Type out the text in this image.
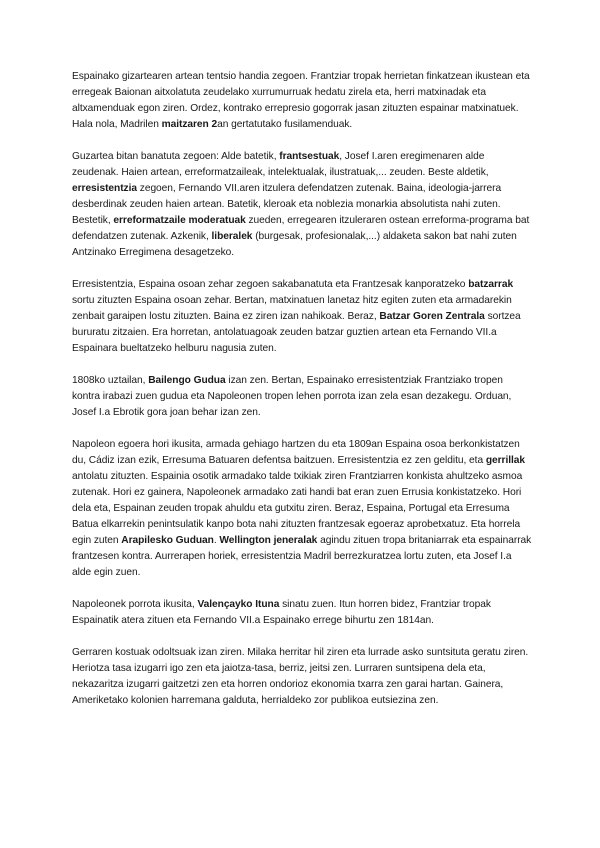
Espainako gizartearen artean tentsio handia zegoen. Frantziar tropak herrietan finkatzean ikustean eta erregeak Baionan aitxolatuta zeudelako xurrumurruak hedatu zirela eta, herri matxinadak eta altxamenduak egon ziren. Ordez, kontrako errepresio gogorrak jasan zituzten espainar matxinatuek. Hala nola, Madrilen maitzaren 2an gertatutako fusilamenduak.

Guzartea bitan banatuta zegoen: Alde batetik, frantsestuak, Josef I.aren eregimenaren alde zeudenak. Haien artean, erreformatzaileak, intelektualak, ilustratuak,... zeuden. Beste aldetik, erresistentzia zegoen, Fernando VII.aren itzulera defendatzen zutenak. Baina, ideologia-jarrera desberdinak zeuden haien artean. Batetik, kleroak eta noblezia monarkia absolutista nahi zuten. Bestetik, erreformatzaile moderatuak zueden, erregearen itzuleraren ostean erreforma-programa bat defendatzen zutenak. Azkenik, liberalek (burgesak, profesionalak,...) aldaketa sakon bat nahi zuten Antzinako Erregimena desagetzeko.

Erresistentzia, Espaina osoan zehar zegoen sakabanatuta eta Frantzesak kanporatzeko batzarrak sortu zituzten Espaina osoan zehar. Bertan, matxinatuen lanetaz hitz egiten zuten eta armadarekin zenbait garaipen lostu zituzten. Baina ez ziren izan nahikoak. Beraz, Batzar Goren Zentrala sortzea bururatu zitzaien. Era horretan, antolatuagoak zeuden batzar guztien artean eta Fernando VII.a Espainara bueltatzeko helburu nagusia zuten.

1808ko uztailan, Bailengo Gudua izan zen. Bertan, Espainako erresistentziak Frantziako tropen kontra irabazi zuen gudua eta Napoleonen tropen lehen porrota izan zela esan dezakegu. Orduan, Josef I.a Ebrotik gora joan behar izan zen.

Napoleon egoera hori ikusita, armada gehiago hartzen du eta 1809an Espaina osoa berkonkistatzen du, Cádiz izan ezik, Erresuma Batuaren defentsa baitzuen. Erresistentzia ez zen gelditu, eta gerrillak antolatu zituzten. Espainia osotik armadako talde txikiak ziren Frantziarren konkista ahultzeko asmoa zutenak. Hori ez gainera, Napoleonek armadako zati handi bat eran zuen Errusia konkistatzeko. Hori dela eta, Espainan zeuden tropak ahuldu eta gutxitu ziren. Beraz, Espaina, Portugal eta Erresuma Batua elkarrekin penintsulatik kanpo bota nahi zituzten frantzesak egoeraz aprobetxatuz. Eta horrela egin zuten Arapilesko Guduan. Wellington jeneralak agindu zituen tropa britaniarrak eta espainarrak frantzesen kontra. Aurrerapen horiek, erresistentzia Madril berrezkuratzea lortu zuten, eta Josef I.a alde egin zuen.

Napoleonek porrota ikusita, Valençayko Ituna sinatu zuen. Itun horren bidez, Frantziar tropak Espainatik atera zituen eta Fernando VII.a Espainako errege bihurtu zen 1814an.

Gerraren kostuak odoltsuak izan ziren. Milaka herritar hil ziren eta lurrade asko suntsituta geratu ziren. Heriotza tasa izugarri igo zen eta jaiotza-tasa, berriz, jeitsi zen. Lurraren suntsipena dela eta, nekazaritza izugarri gaitzetzi zen eta horren ondorioz ekonomia txarra zen garai hartan. Gainera, Ameriketako kolonien harremana galduta, herrialdeko zor publikoa eutsiezina zen.
